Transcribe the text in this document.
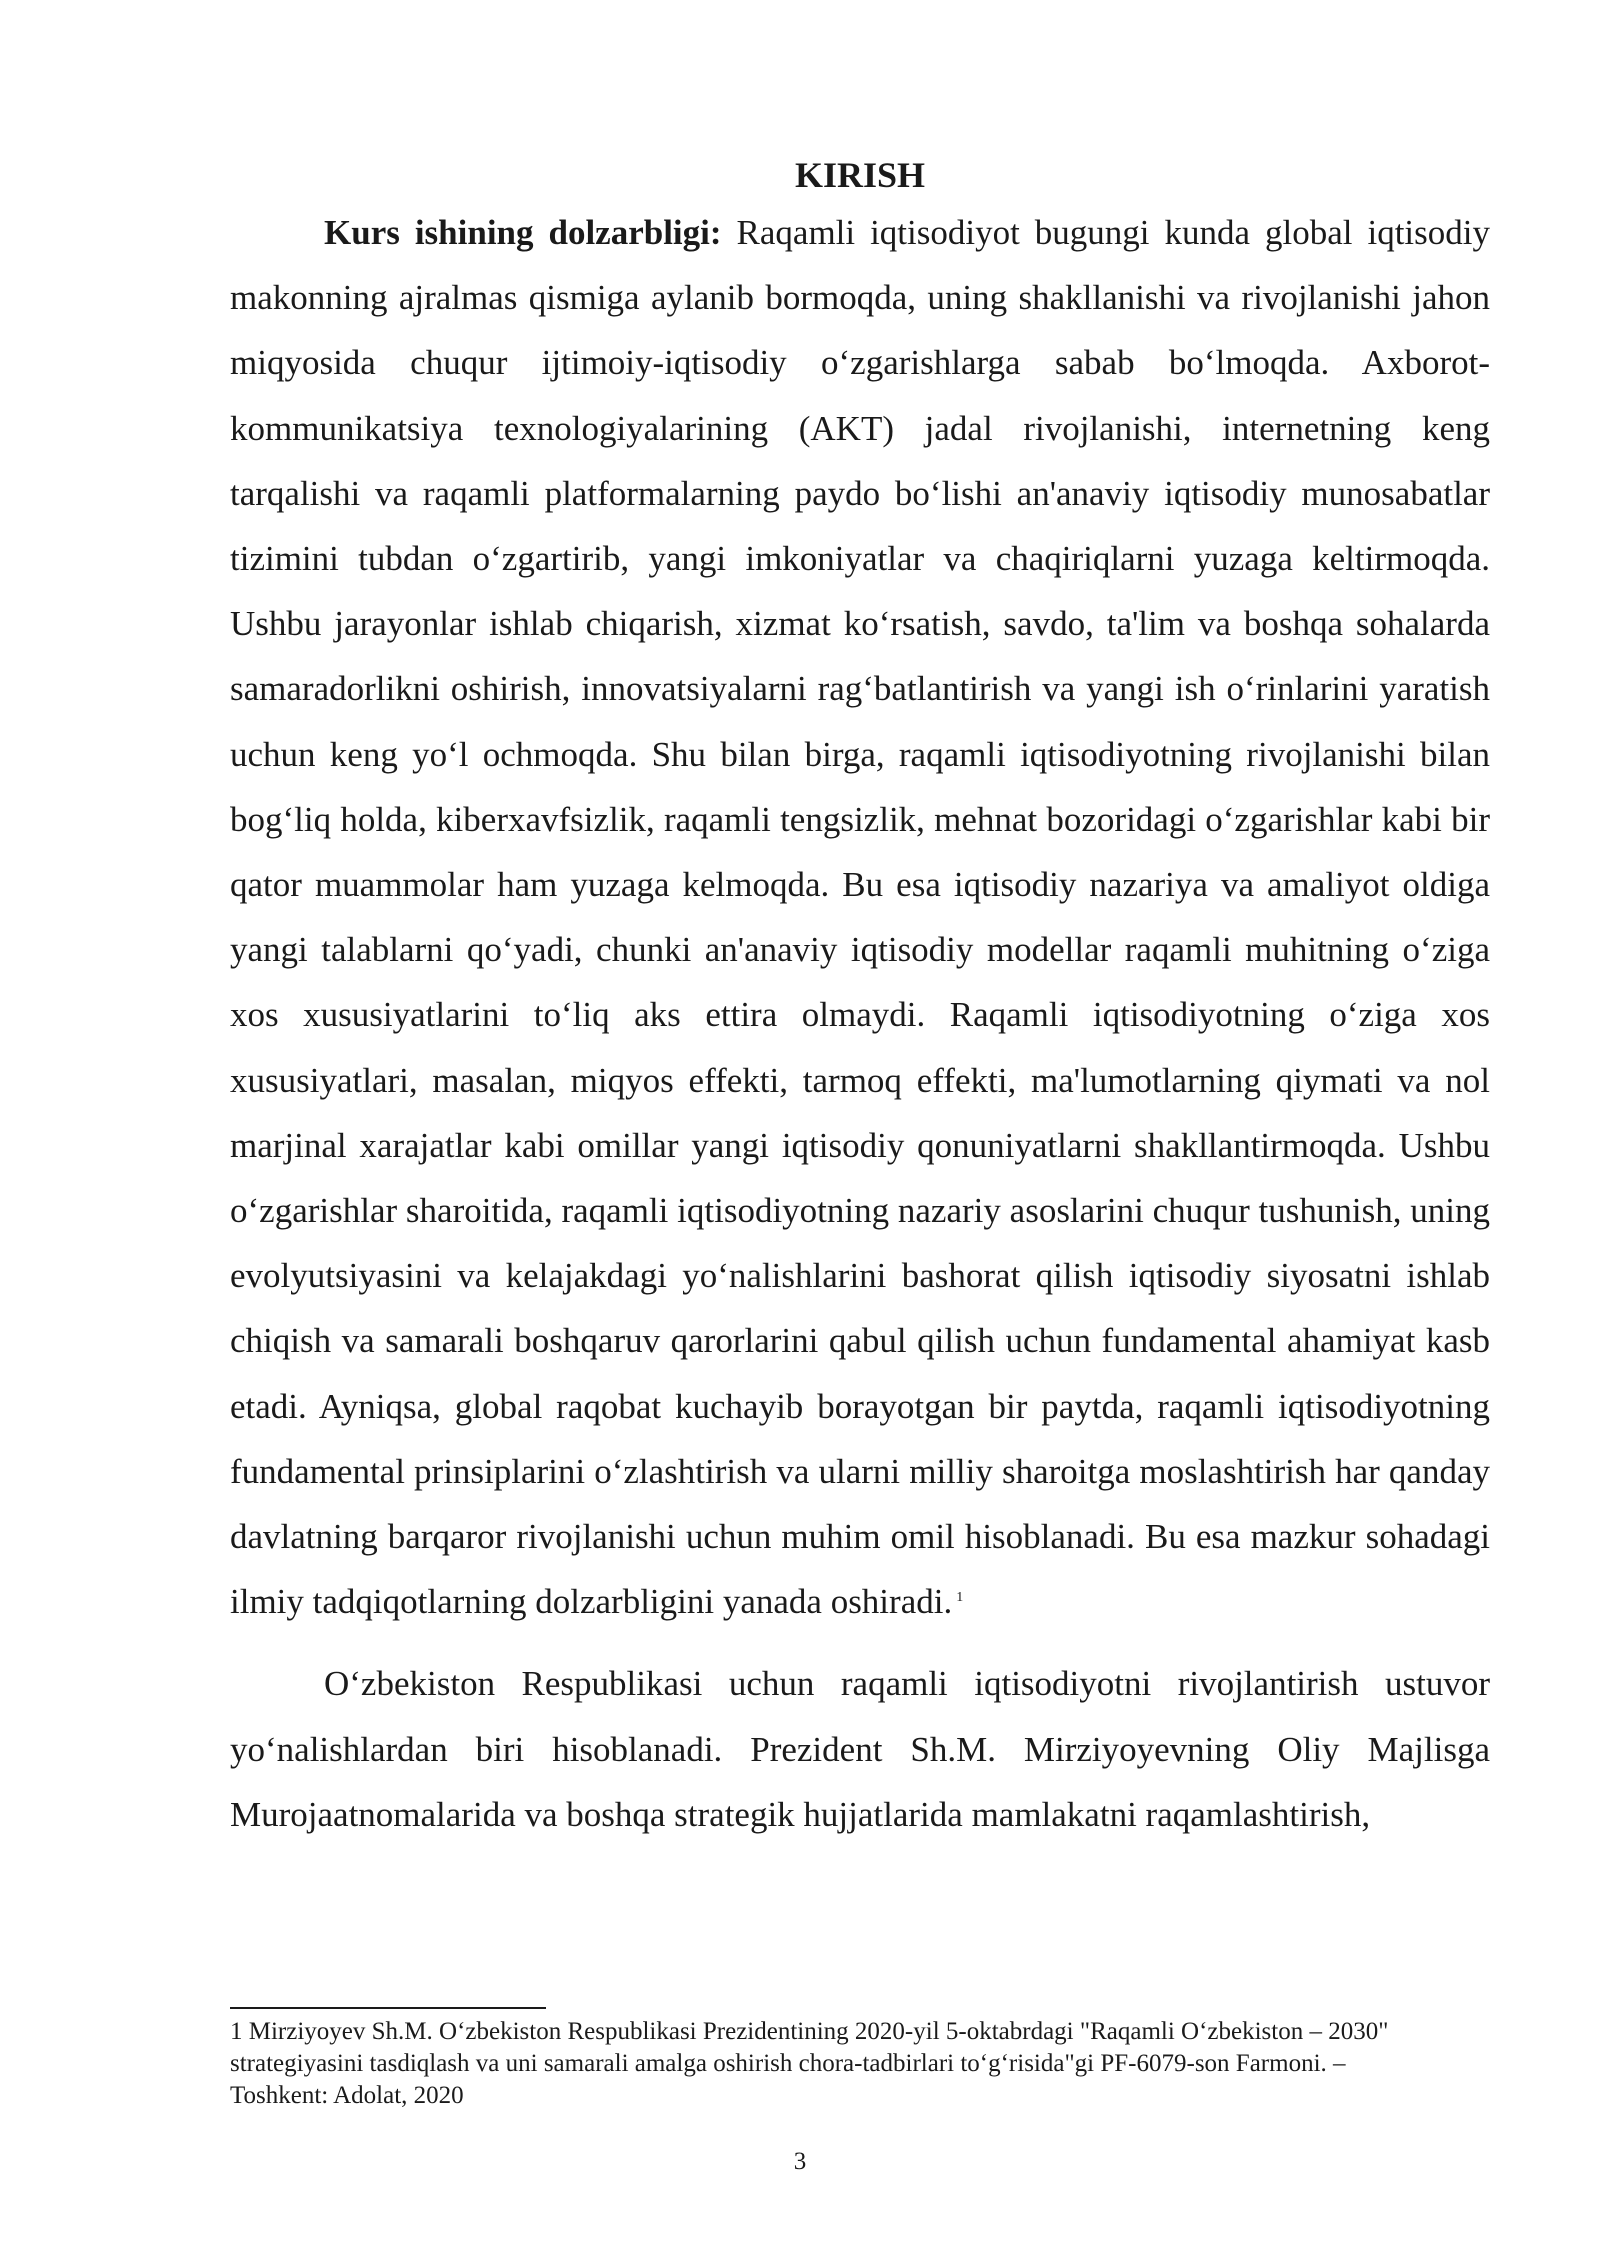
KIRISH

Kurs ishining dolzarbligi: Raqamli iqtisodiyot bugungi kunda global iqtisodiy makonning ajralmas qismiga aylanib bormoqda, uning shakllanishi va rivojlanishi jahon miqyosida chuqur ijtimoiy-iqtisodiy oʻzgarishlarga sabab boʻlmoqda. Axborot-kommunikatsiya texnologiyalarining (AKT) jadal rivojlanishi, internetning keng tarqalishi va raqamli platformalarning paydo boʻlishi an'anaviy iqtisodiy munosabatlar tizimini tubdan oʻzgartirib, yangi imkoniyatlar va chaqiriqlarni yuzaga keltirmoqda. Ushbu jarayonlar ishlab chiqarish, xizmat koʻrsatish, savdo, ta'lim va boshqa sohalarda samaradorlikni oshirish, innovatsiyalarni ragʻbatlantirish va yangi ish oʻrinlarini yaratish uchun keng yoʻl ochmoqda. Shu bilan birga, raqamli iqtisodiyotning rivojlanishi bilan bogʻliq holda, kiberxavfsizlik, raqamli tengsizlik, mehnat bozoridagi oʻzgarishlar kabi bir qator muammolar ham yuzaga kelmoqda. Bu esa iqtisodiy nazariya va amaliyot oldiga yangi talablarni qoʻyadi, chunki an'anaviy iqtisodiy modellar raqamli muhitning oʻziga xos xususiyatlarini toʻliq aks ettira olmaydi. Raqamli iqtisodiyotning oʻziga xos xususiyatlari, masalan, miqyos effekti, tarmoq effekti, ma'lumotlarning qiymati va nol marjinal xarajatlar kabi omillar yangi iqtisodiy qonuniyatlarni shakllantirmoqda. Ushbu oʻzgarishlar sharoitida, raqamli iqtisodiyotning nazariy asoslarini chuqur tushunish, uning evolyutsiyasini va kelajakdagi yoʻnalishlarini bashorat qilish iqtisodiy siyosatni ishlab chiqish va samarali boshqaruv qarorlarini qabul qilish uchun fundamental ahamiyat kasb etadi. Ayniqsa, global raqobat kuchayib borayotgan bir paytda, raqamli iqtisodiyotning fundamental prinsiplarini oʻzlashtirish va ularni milliy sharoitga moslashtirish har qanday davlatning barqaror rivojlanishi uchun muhim omil hisoblanadi. Bu esa mazkur sohadagi ilmiy tadqiqotlarning dolzarbligini yanada oshiradi. $^1$

Oʻzbekiston Respublikasi uchun raqamli iqtisodiyotni rivojlantirish ustuvor yoʻnalishlardan biri hisoblanadi. Prezident Sh.M. Mirziyoyevning Oliy Majlisga Murojaatnomalarida va boshqa strategik hujjatlarida mamlakatni raqamlashtirish,

1 Mirziyoyev Sh.M. Oʻzbekiston Respublikasi Prezidentining 2020-yil 5-oktabrdagi "Raqamli Oʻzbekiston – 2030" strategiyasini tasdiqlash va uni samarali amalga oshirish chora-tadbirlari toʻgʻrisida"gi PF-6079-son Farmoni. – Toshkent: Adolat, 2020

3
